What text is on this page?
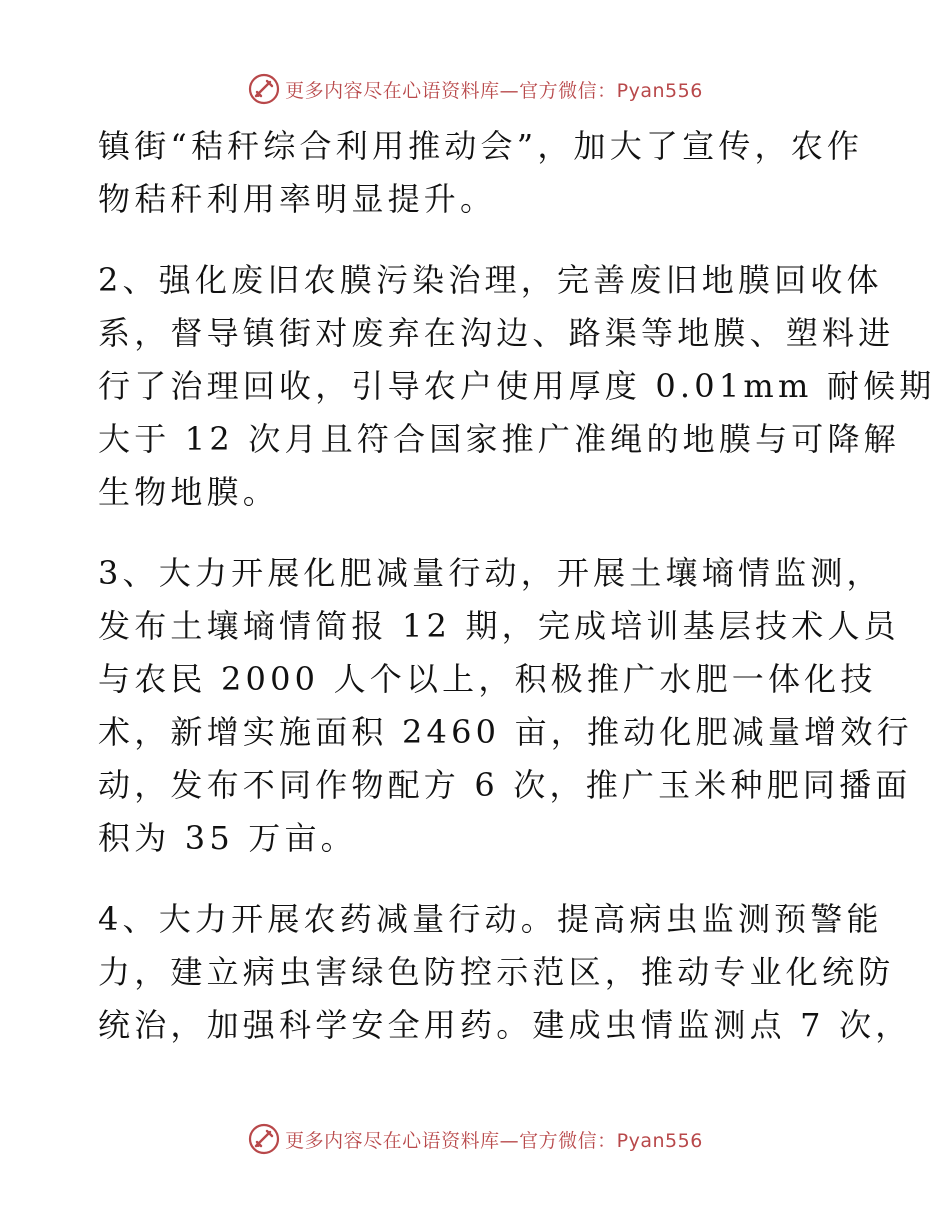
更多内容尽在心语资料库—官方微信：Pyan556
镇街“秸秆综合利用推动会”，加大了宣传，农作
物秸秆利用率明显提升。
2、强化废旧农膜污染治理，完善废旧地膜回收体
系，督导镇街对废弃在沟边、路渠等地膜、塑料进
行了治理回收，引导农户使用厚度 0.01mm 耐候期
大于 12 次月且符合国家推广准绳的地膜与可降解
生物地膜。
3、大力开展化肥减量行动，开展土壤墒情监测，
发布土壤墒情简报 12 期，完成培训基层技术人员
与农民 2000 人个以上，积极推广水肥一体化技
术，新增实施面积 2460 亩，推动化肥减量增效行
动，发布不同作物配方 6 次，推广玉米种肥同播面
积为 35 万亩。
4、大力开展农药减量行动。提高病虫监测预警能
力，建立病虫害绿色防控示范区，推动专业化统防
统治，加强科学安全用药。建成虫情监测点 7 次，
更多内容尽在心语资料库—官方微信：Pyan556
